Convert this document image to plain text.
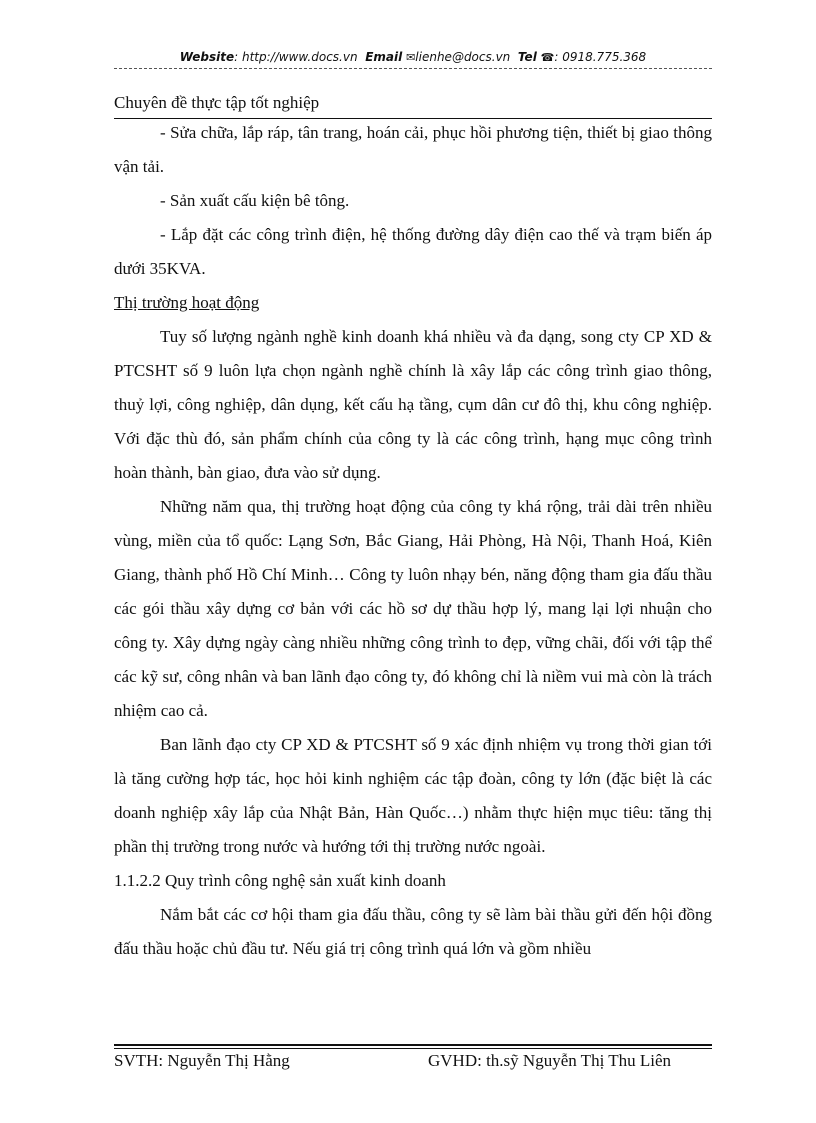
Website: http://www.docs.vn Email ✉lienhe@docs.vn Tel ☎: 0918.775.368
Chuyên đề thực tập tốt nghiệp

- Sửa chữa, lắp ráp, tân trang, hoán cải, phục hồi phương tiện, thiết bị giao thông vận tải.

- Sản xuất cấu kiện bê tông.

- Lắp đặt các công trình điện, hệ thống đường dây điện cao thế và trạm biến áp dưới 35KVA.

Thị trường hoạt động

Tuy số lượng ngành nghề kinh doanh khá nhiều và đa dạng, song cty CP XD & PTCSHT số 9 luôn lựa chọn ngành nghề chính là xây lắp các công trình giao thông, thuỷ lợi, công nghiệp, dân dụng, kết cấu hạ tầng, cụm dân cư đô thị, khu công nghiệp. Với đặc thù đó, sản phẩm chính của công ty là các công trình, hạng mục công trình hoàn thành, bàn giao, đưa vào sử dụng.

Những năm qua, thị trường hoạt động của công ty khá rộng, trải dài trên nhiều vùng, miền của tổ quốc: Lạng Sơn, Bắc Giang, Hải Phòng, Hà Nội, Thanh Hoá, Kiên Giang, thành phố Hồ Chí Minh… Công ty luôn nhạy bén, năng động tham gia đấu thầu các gói thầu xây dựng cơ bản với các hồ sơ dự thầu hợp lý, mang lại lợi nhuận cho công ty. Xây dựng ngày càng nhiều những công trình to đẹp, vững chãi, đối với tập thể các kỹ sư, công nhân và ban lãnh đạo công ty, đó không chỉ là niềm vui mà còn là trách nhiệm cao cả.

Ban lãnh đạo cty CP XD & PTCSHT số 9 xác định nhiệm vụ trong thời gian tới là tăng cường hợp tác, học hỏi kinh nghiệm các tập đoàn, công ty lớn (đặc biệt là các doanh nghiệp xây lắp của Nhật Bản, Hàn Quốc…) nhằm thực hiện mục tiêu: tăng thị phần thị trường trong nước và hướng tới thị trường nước ngoài.

1.1.2.2 Quy trình công nghệ sản xuất kinh doanh

Nắm bắt các cơ hội tham gia đấu thầu, công ty sẽ làm bài thầu gửi đến hội đồng đấu thầu hoặc chủ đầu tư. Nếu giá trị công trình quá lớn và gồm nhiều

SVTH: Nguyễn Thị Hằng	GVHD: th.sỹ Nguyễn Thị Thu Liên
